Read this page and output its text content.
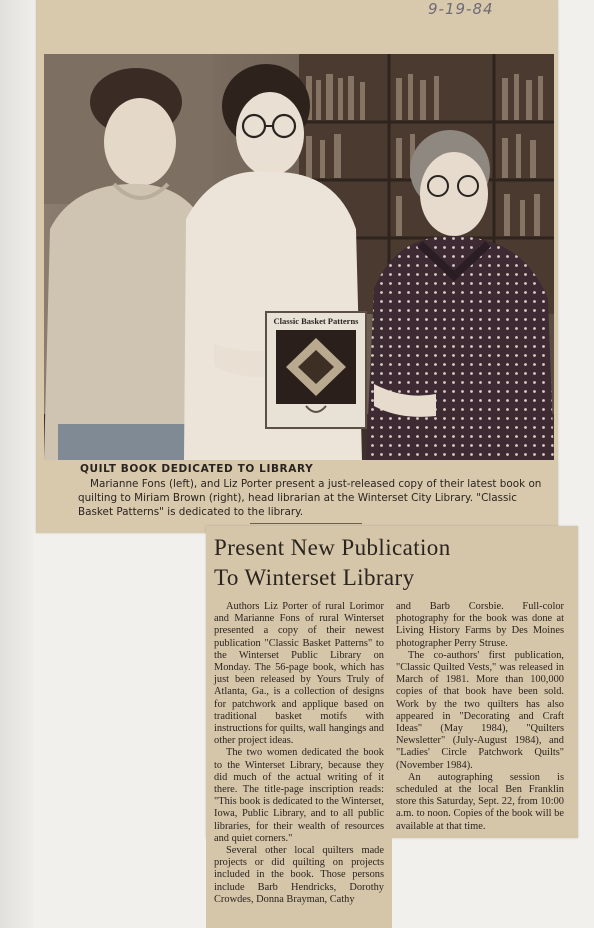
9-19-84
Classic Basket Patterns
QUILT BOOK DEDICATED TO LIBRARY
Marianne Fons (left), and Liz Porter present a just-released copy of their latest book on quilting to Miriam Brown (right), head librarian at the Winterset City Library. "Classic Basket Patterns" is dedicated to the library.
Present New Publication
To Winterset Library

Authors Liz Porter of rural Lorimor and Marianne Fons of rural Winterset presented a copy of their newest publication "Classic Basket Patterns" to the Winterset Public Library on Monday. The 56-page book, which has just been released by Yours Truly of Atlanta, Ga., is a collection of designs for patchwork and applique based on traditional basket motifs with instructions for quilts, wall hangings and other project ideas.

The two women dedicated the book to the Winterset Library, because they did much of the actual writing of it there. The title-page inscription reads: "This book is dedicated to the Winterset, Iowa, Public Library, and to all public libraries, for their wealth of resources and quiet corners."

Several other local quilters made projects or did quilting on projects included in the book. Those persons include Barb Hendricks, Dorothy Crowdes, Donna Brayman, Cathy

and Barb Corsbie. Full-color photography for the book was done at Living History Farms by Des Moines photographer Perry Struse.

The co-authors' first publication, "Classic Quilted Vests," was released in March of 1981. More than 100,000 copies of that book have been sold. Work by the two quilters has also appeared in "Decorating and Craft Ideas" (May 1984), "Quilters Newsletter" (July-August 1984), and "Ladies' Circle Patchwork Quilts" (November 1984).

An autographing session is scheduled at the local Ben Franklin store this Saturday, Sept. 22, from 10:00 a.m. to noon. Copies of the book will be available at that time.
